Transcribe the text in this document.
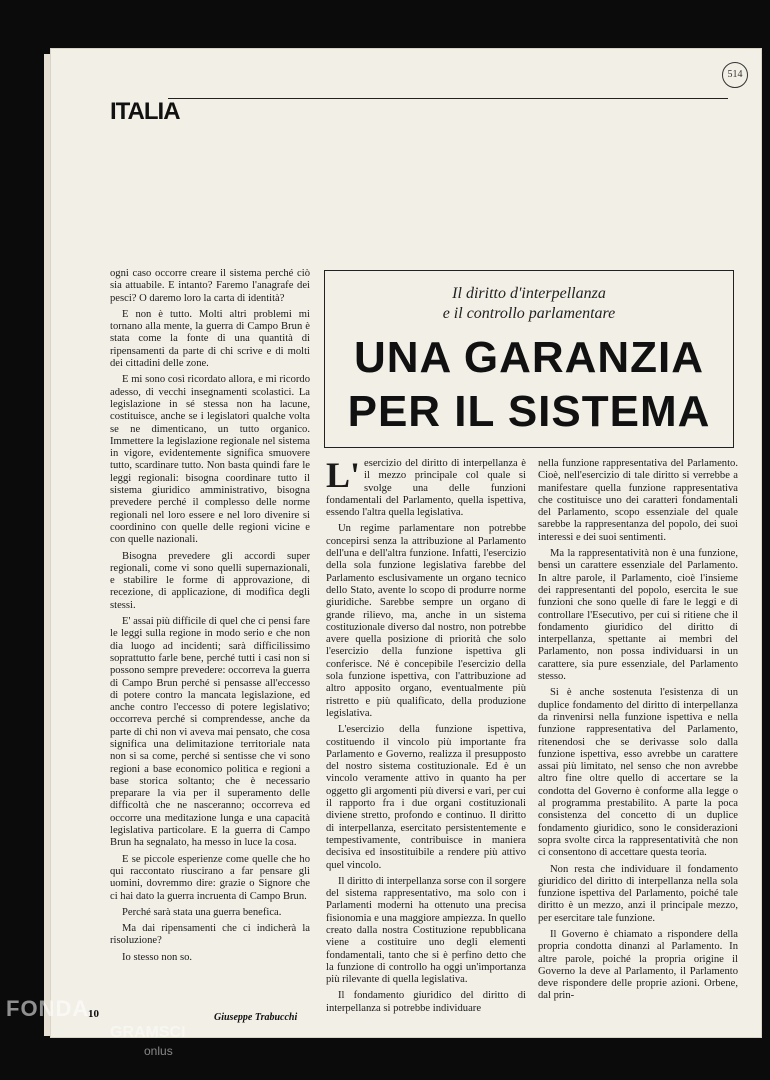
ITALIA
514
Il diritto d'interpellanza
e il controllo parlamentare
UNA GARANZIA
PER IL SISTEMA

ogni caso occorre creare il sistema perché ciò sia attuabile. E intanto? Faremo l'anagrafe dei pesci? O daremo loro la carta di identità?

E non è tutto. Molti altri problemi mi tornano alla mente, la guerra di Campo Brun è stata come la fonte di una quantità di ripensamenti da parte di chi scrive e di molti dei cittadini delle zone.

E mi sono così ricordato allora, e mi ricordo adesso, di vecchi insegnamenti scolastici. La legislazione in sé stessa non ha lacune, costituisce, anche se i legislatori qualche volta se ne dimenticano, un tutto organico. Immettere la legislazione regionale nel sistema in vigore, evidentemente significa smuovere tutto, scardinare tutto. Non basta quindi fare le leggi regionali: bisogna coordinare tutto il sistema giuridico amministrativo, bisogna prevedere perché il complesso delle norme regionali nel loro essere e nel loro divenire si coordinino con quelle delle regioni vicine e con quelle nazionali.

Bisogna prevedere gli accordi super regionali, come vi sono quelli supernazionali, e stabilire le forme di approvazione, di recezione, di applicazione, di modifica degli stessi.

E' assai più difficile di quel che ci pensi fare le leggi sulla regione in modo serio e che non dia luogo ad incidenti; sarà difficilissimo soprattutto farle bene, perché tutti i casi non si possono sempre prevedere: occorreva la guerra di Campo Brun perché si pensasse all'eccesso di potere contro la mancata legislazione, ed anche contro l'eccesso di potere legislativo; occorreva perché si comprendesse, anche da parte di chi non vi aveva mai pensato, che cosa significa una delimitazione territoriale nata non si sa come, perché si sentisse che vi sono regioni a base economico politica e regioni a base storica soltanto; che è necessario preparare la via per il superamento delle difficoltà che ne nasceranno; occorreva ed occorre una meditazione lunga e una capacità legislativa particolare. E la guerra di Campo Brun ha segnalato, ha messo in luce la cosa.

E se piccole esperienze come quelle che ho qui raccontato riuscirano a far pensare gli uomini, dovremmo dire: grazie o Signore che ci hai dato la guerra incruenta di Campo Brun.

Perché sarà stata una guerra benefica.

Ma dai ripensamenti che ci indicherà la risoluzione?

Io stesso non so.

L' esercizio del diritto di interpellanza è il mezzo principale col quale si svolge una delle funzioni fondamentali del Parlamento, quella ispettiva, essendo l'altra quella legislativa.

Un regime parlamentare non potrebbe concepirsi senza la attribuzione al Parlamento dell'una e dell'altra funzione. Infatti, l'esercizio della sola funzione legislativa farebbe del Parlamento esclusivamente un organo tecnico dello Stato, avente lo scopo di produrre norme giuridiche. Sarebbe sempre un organo di grande rilievo, ma, anche in un sistema costituzionale diverso dal nostro, non potrebbe avere quella posizione di priorità che solo l'esercizio della funzione ispettiva gli conferisce. Né è concepibile l'esercizio della sola funzione ispettiva, con l'attribuzione ad altro apposito organo, eventualmente più ristretto e più qualificato, della produzione legislativa.

L'esercizio della funzione ispettiva, costituendo il vincolo più importante fra Parlamento e Governo, realizza il presupposto del nostro sistema costituzionale. Ed è un vincolo veramente attivo in quanto ha per oggetto gli argomenti più diversi e vari, per cui il rapporto fra i due organi costituzionali diviene stretto, profondo e continuo. Il diritto di interpellanza, esercitato persistentemente e tempestivamente, contribuisce in maniera decisiva ed insostituibile a rendere più attivo quel vincolo.

Il diritto di interpellanza sorse con il sorgere del sistema rappresentativo, ma solo con i Parlamenti moderni ha ottenuto una precisa fisionomia e una maggiore ampiezza. In quello creato dalla nostra Costituzione repubblicana viene a costituire uno degli elementi fondamentali, tanto che si è perfino detto che la funzione di controllo ha oggi un'importanza più rilevante di quella legislativa.

Il fondamento giuridico del diritto di interpellanza si potrebbe individuare

nella funzione rappresentativa del Parlamento. Cioè, nell'esercizio di tale diritto si verrebbe a manifestare quella funzione rappresentativa che costituisce uno dei caratteri fondamentali del Parlamento, scopo essenziale del quale sarebbe la rappresentanza del popolo, dei suoi interessi e dei suoi sentimenti.

Ma la rappresentatività non è una funzione, bensì un carattere essenziale del Parlamento. In altre parole, il Parlamento, cioè l'insieme dei rappresentanti del popolo, esercita le sue funzioni che sono quelle di fare le leggi e di controllare l'Esecutivo, per cui si ritiene che il fondamento giuridico del diritto di interpellanza, spettante ai membri del Parlamento, non possa individuarsi in un carattere, sia pure essenziale, del Parlamento stesso.

Si è anche sostenuta l'esistenza di un duplice fondamento del diritto di interpellanza da rinvenirsi nella funzione ispettiva e nella funzione rappresentativa del Parlamento, ritenendosi che se derivasse solo dalla funzione ispettiva, esso avrebbe un carattere assai più limitato, nel senso che non avrebbe altro fine oltre quello di accertare se la condotta del Governo è conforme alla legge o al programma prestabilito. A parte la poca consistenza del concetto di un duplice fondamento giuridico, sono le considerazioni sopra svolte circa la rappresentatività che non ci consentono di accettare questa teoria.

Non resta che individuare il fondamento giuridico del diritto di interpellanza nella sola funzione ispettiva del Parlamento, poiché tale diritto è un mezzo, anzi il principale mezzo, per esercitare tale funzione.

Il Governo è chiamato a rispondere della propria condotta dinanzi al Parlamento. In altre parole, poiché la propria origine il Governo la deve al Parlamento, il Parlamento deve rispondere delle proprie azioni. Orbene, dal prin-

10	Giuseppe Trabucchi
FONDA
GRAMSCI
onlus
